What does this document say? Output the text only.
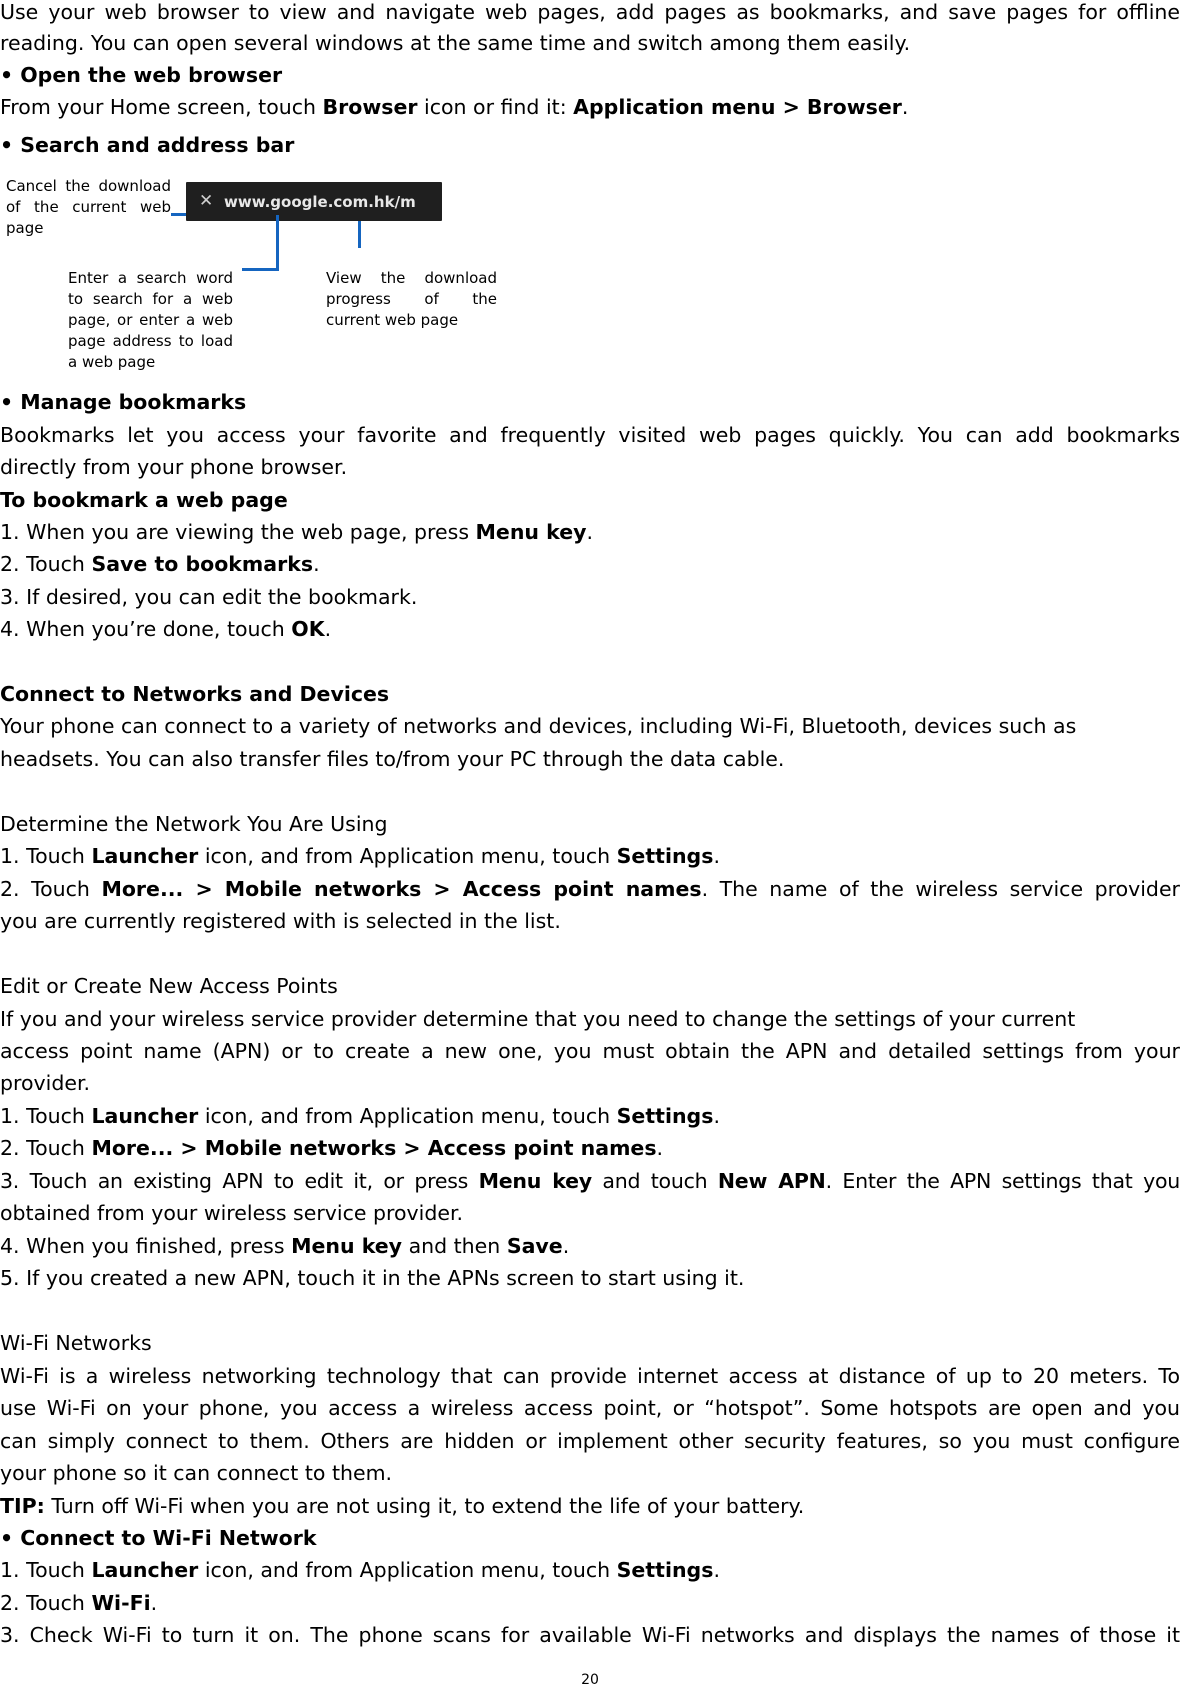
Use your web browser to view and navigate web pages, add pages as bookmarks, and save pages for offline
reading. You can open several windows at the same time and switch among them easily.
• Open the web browser
From your Home screen, touch Browser icon or find it: Application menu > Browser.
• Search and address bar
✕ www.google.com.hk/m
Cancel the download
of the current web
page
Enter a search word
to search for a web
page, or enter a web
page address to load
a web page
View the download
progress of the
current web page
• Manage bookmarks
Bookmarks let you access your favorite and frequently visited web pages quickly. You can add bookmarks
directly from your phone browser.
To bookmark a web page
1. When you are viewing the web page, press Menu key.
2. Touch Save to bookmarks.
3. If desired, you can edit the bookmark.
4. When you’re done, touch OK.
Connect to Networks and Devices
Your phone can connect to a variety of networks and devices, including Wi-Fi, Bluetooth, devices such as
headsets. You can also transfer files to/from your PC through the data cable.
Determine the Network You Are Using
1. Touch Launcher icon, and from Application menu, touch Settings.
2. Touch More... > Mobile networks > Access point names. The name of the wireless service provider
you are currently registered with is selected in the list.
Edit or Create New Access Points
If you and your wireless service provider determine that you need to change the settings of your current
access point name (APN) or to create a new one, you must obtain the APN and detailed settings from your
provider.
1. Touch Launcher icon, and from Application menu, touch Settings.
2. Touch More... > Mobile networks > Access point names.
3. Touch an existing APN to edit it, or press Menu key and touch New APN. Enter the APN settings that you
obtained from your wireless service provider.
4. When you finished, press Menu key and then Save.
5. If you created a new APN, touch it in the APNs screen to start using it.
Wi-Fi Networks
Wi-Fi is a wireless networking technology that can provide internet access at distance of up to 20 meters. To
use Wi-Fi on your phone, you access a wireless access point, or “hotspot”. Some hotspots are open and you
can simply connect to them. Others are hidden or implement other security features, so you must configure
your phone so it can connect to them.
TIP: Turn off Wi-Fi when you are not using it, to extend the life of your battery.
• Connect to Wi-Fi Network
1. Touch Launcher icon, and from Application menu, touch Settings.
2. Touch Wi-Fi.
3. Check Wi-Fi to turn it on. The phone scans for available Wi-Fi networks and displays the names of those it
20
